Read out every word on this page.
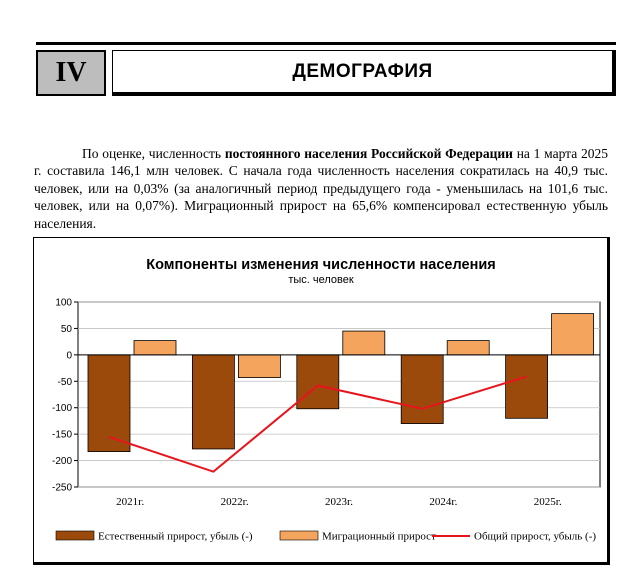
IV	ДЕМОГРАФИЯ

По оценке, численность постоянного населения Российской Федерации на 1 марта 2025 г. составила 146,1 млн человек. С начала года численность населения сократилась на 40,9 тыс. человек, или на 0,03% (за аналогичный период предыдущего года - уменьшилась на 101,6 тыс. человек, или на 0,07%). Миграционный прирост на 65,6% компенсировал естественную убыль населения.

Компоненты изменения численности населения
тыс. человек
100
50
0
-50
-100
-150
-200
-250
2021г.	2022г.	2023г.	2024г.	2025г.
Естественный прирост, убыль (-)	Миграционный прирост	Общий прирост, убыль (-)
